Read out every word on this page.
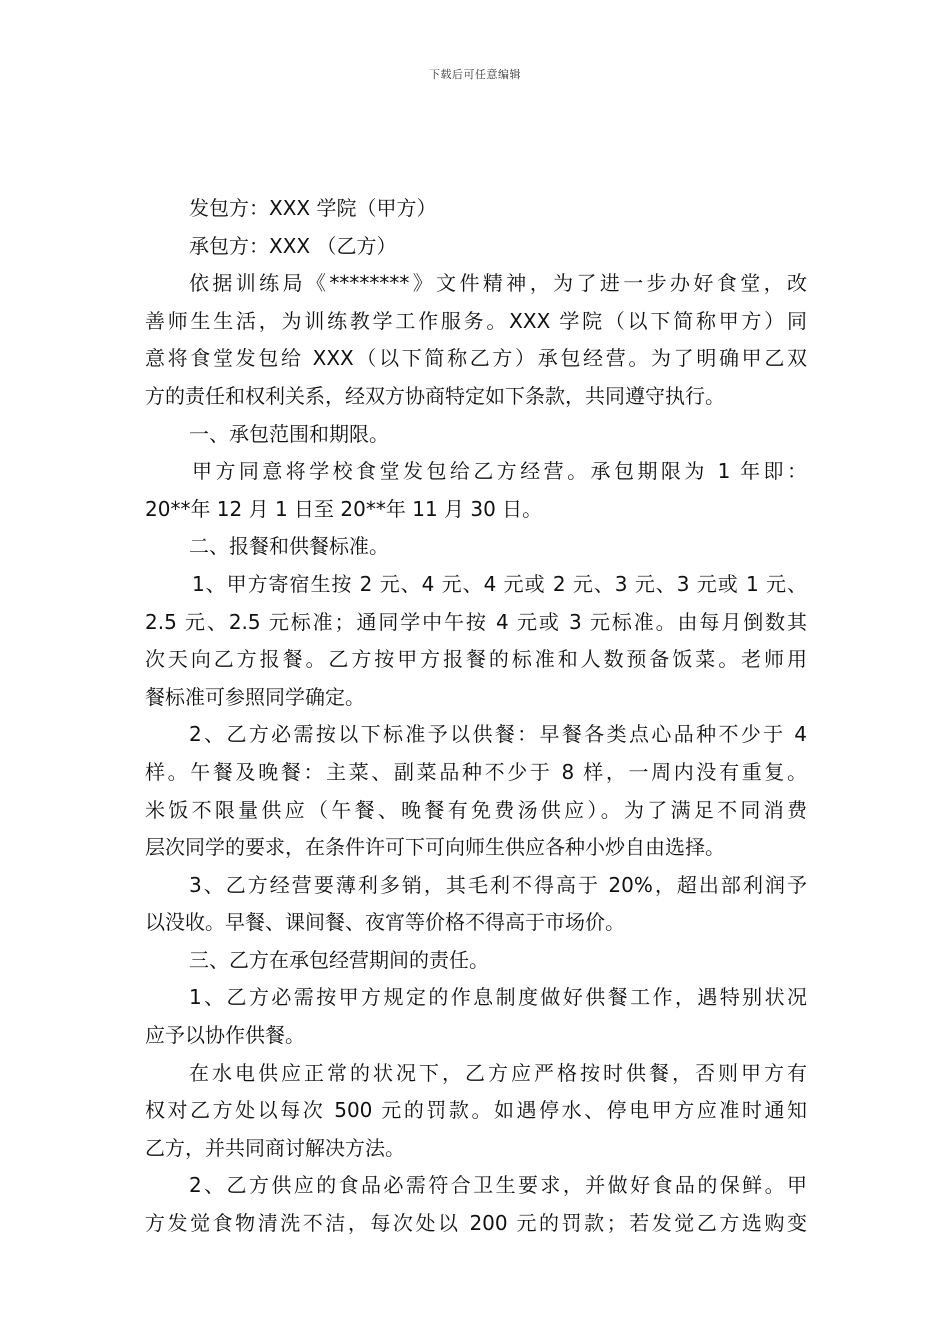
下载后可任意编辑
发包方：XXX 学院（甲方）
承包方：XXX （乙方）
依据训练局《********》文件精神，为了进一步办好食堂，改
善师生生活，为训练教学工作服务。XXX 学院（以下简称甲方）同
意将食堂发包给 XXX（以下简称乙方）承包经营。为了明确甲乙双
方的责任和权利关系，经双方协商特定如下条款，共同遵守执行。
一、承包范围和期限。
甲方同意将学校食堂发包给乙方经营。承包期限为 1 年即：
20**年 12 月 1 日至 20**年 11 月 30 日。
二、报餐和供餐标准。
1、甲方寄宿生按 2 元、4 元、4 元或 2 元、3 元、3 元或 1 元、
2.5 元、2.5 元标准；通同学中午按 4 元或 3 元标准。由每月倒数其
次天向乙方报餐。乙方按甲方报餐的标准和人数预备饭菜。老师用
餐标准可参照同学确定。
2、乙方必需按以下标准予以供餐：早餐各类点心品种不少于 4
样。午餐及晚餐：主菜、副菜品种不少于 8 样，一周内没有重复。
米饭不限量供应（午餐、晚餐有免费汤供应）。为了满足不同消费
层次同学的要求，在条件许可下可向师生供应各种小炒自由选择。
3、乙方经营要薄利多销，其毛利不得高于 20%，超出部利润予
以没收。早餐、课间餐、夜宵等价格不得高于市场价。
三、乙方在承包经营期间的责任。
1、乙方必需按甲方规定的作息制度做好供餐工作，遇特别状况
应予以协作供餐。
在水电供应正常的状况下，乙方应严格按时供餐，否则甲方有
权对乙方处以每次 500 元的罚款。如遇停水、停电甲方应准时通知
乙方，并共同商讨解决方法。
2、乙方供应的食品必需符合卫生要求，并做好食品的保鲜。甲
方发觉食物清洗不洁，每次处以 200 元的罚款；若发觉乙方选购变
